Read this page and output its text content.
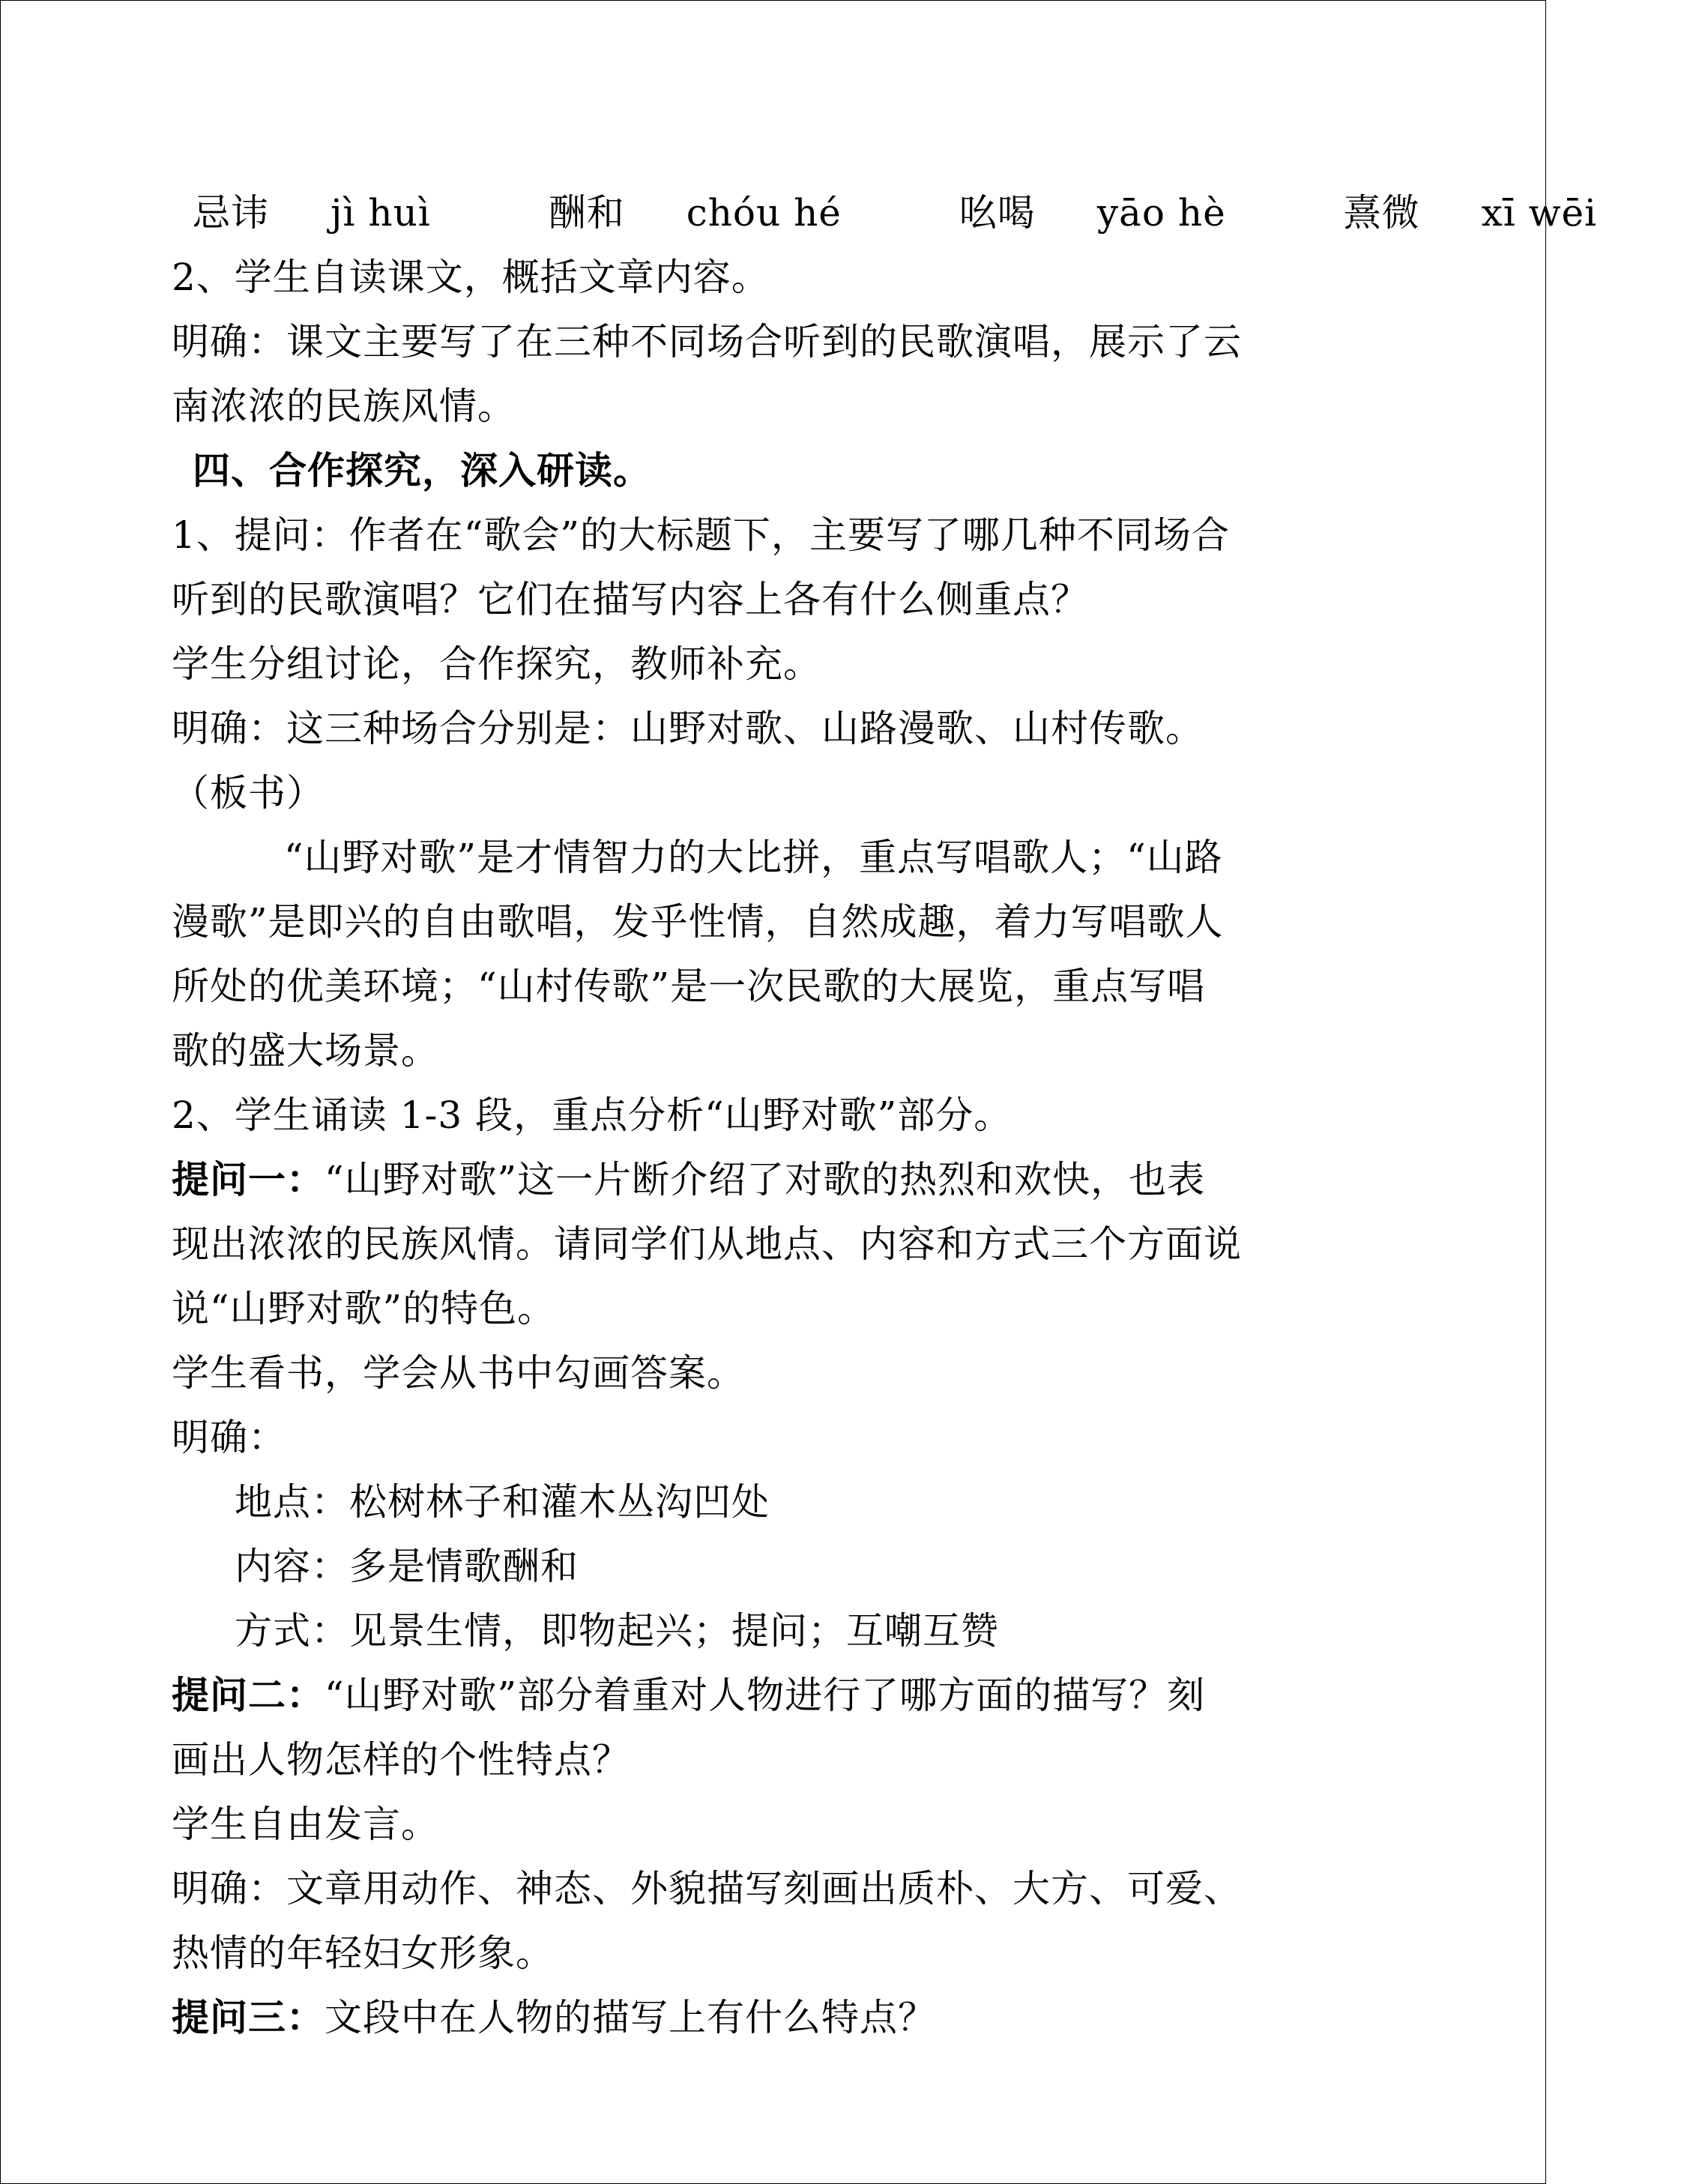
忌讳 jì huì	酬和 chóu hé	吆喝 yāo hè	熹微 xī wēi
2、学生自读课文，概括文章内容。
明确：课文主要写了在三种不同场合听到的民歌演唱，展示了云
南浓浓的民族风情。
四、合作探究，深入研读。
1、提问：作者在“歌会”的大标题下，主要写了哪几种不同场合
听到的民歌演唱？它们在描写内容上各有什么侧重点？
学生分组讨论，合作探究，教师补充。
明确：这三种场合分别是：山野对歌、山路漫歌、山村传歌。
（板书）
“山野对歌”是才情智力的大比拼，重点写唱歌人；“山路
漫歌”是即兴的自由歌唱，发乎性情，自然成趣，着力写唱歌人
所处的优美环境；“山村传歌”是一次民歌的大展览，重点写唱
歌的盛大场景。
2、学生诵读 1-3 段，重点分析“山野对歌”部分。
提问一：“山野对歌”这一片断介绍了对歌的热烈和欢快，也表
现出浓浓的民族风情。请同学们从地点、内容和方式三个方面说
说“山野对歌”的特色。
学生看书，学会从书中勾画答案。
明确：
地点：松树林子和灌木丛沟凹处
内容：多是情歌酬和
方式：见景生情，即物起兴；提问；互嘲互赞
提问二：“山野对歌”部分着重对人物进行了哪方面的描写？刻
画出人物怎样的个性特点？
学生自由发言。
明确：文章用动作、神态、外貌描写刻画出质朴、大方、可爱、
热情的年轻妇女形象。
提问三：文段中在人物的描写上有什么特点？
